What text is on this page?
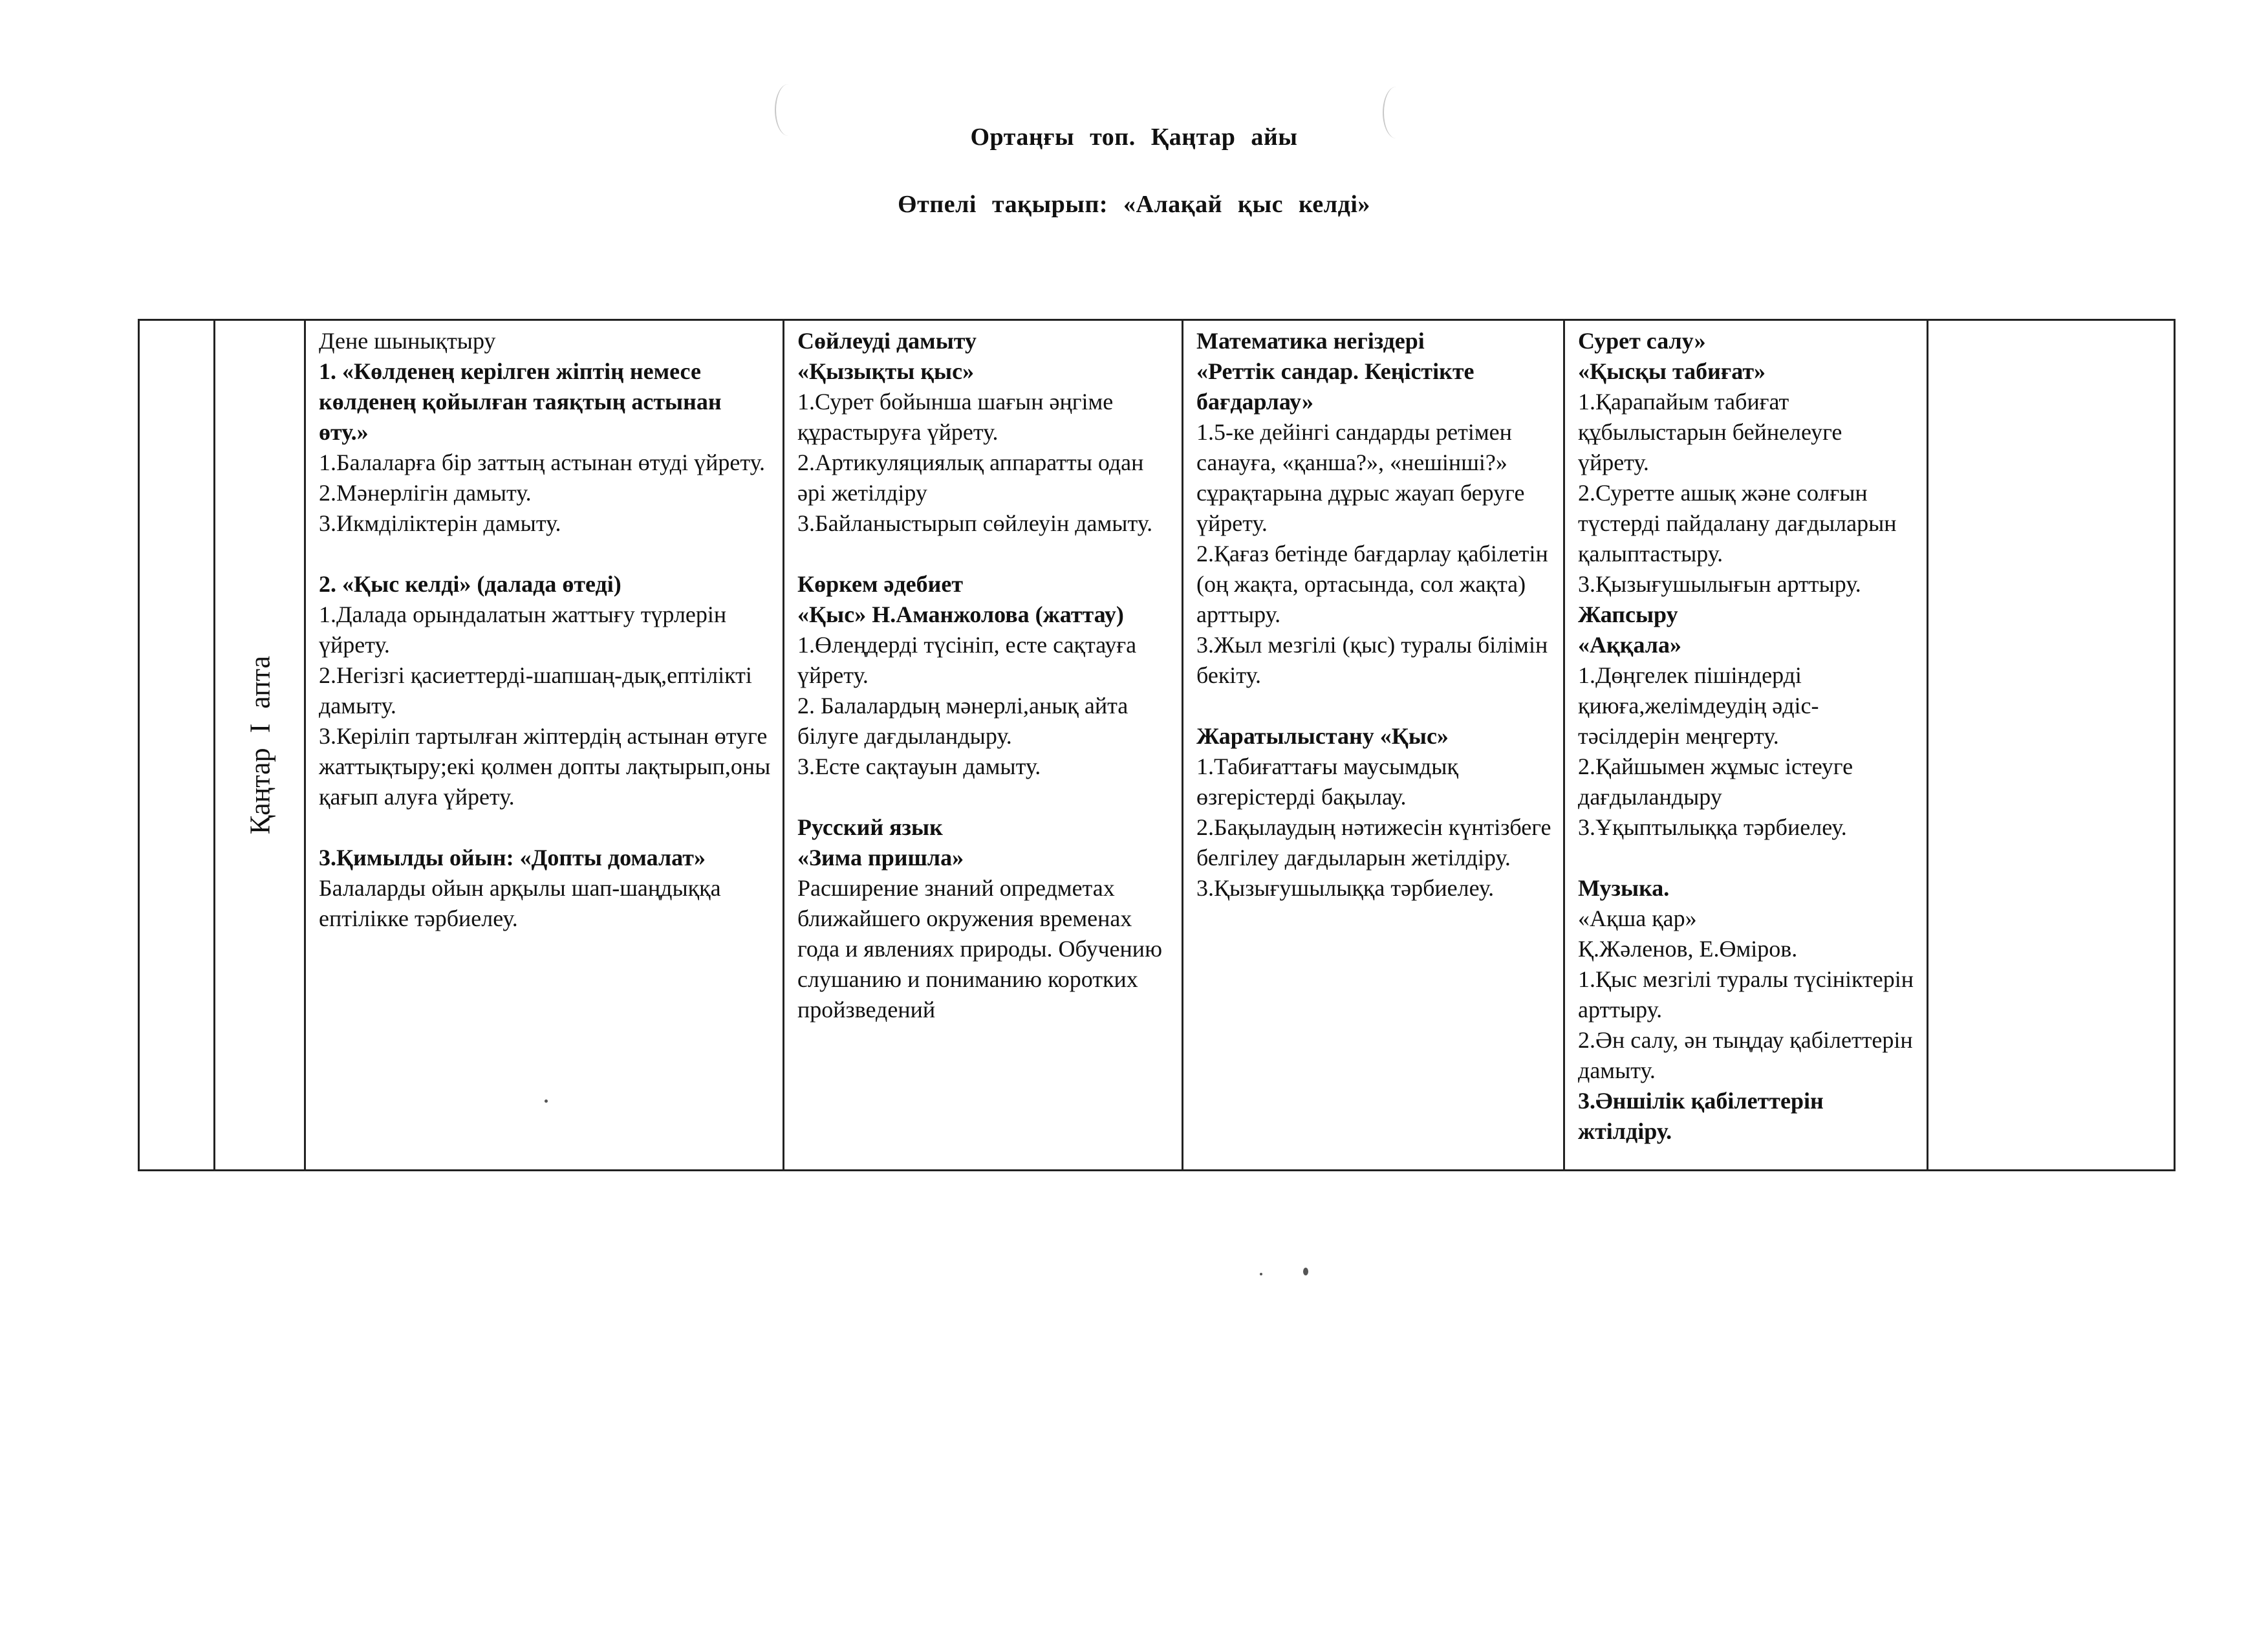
Ортаңғы топ. Қаңтар айы
Өтпелі тақырып: «Алақай қыс келді»

Қаңтар I апта

Дене шынықтыру
1. «Көлденең керілген жіптің немесе көлденең қойылған таяқтың астынан өту.»
1.Балаларға бір заттың астынан өтуді үйрету.
2.Мәнерлігін дамыту.
3.Икмділіктерін дамыту.
2. «Қыс келді» (далада өтеді)
1.Далада орындалатын жаттығу түрлерін үйрету.
2.Негізгі қасиеттерді-шапшаң-дық,ептілікті дамыту.
3.Керіліп тартылған жіптердің астынан өтуге жаттықтыру;екі қолмен допты лақтырып,оны қағып алуға үйрету.
3.Қимылды ойын: «Допты домалат»
Балаларды ойын арқылы шап-шаңдыққа ептілікке тәрбиелеу.

Сөйлеуді дамыту
«Қызықты қыс»
1.Сурет бойынша шағын әңгіме құрастыруға үйрету.
2.Артикуляциялық аппаратты одан әрі жетілдіру
3.Байланыстырып сөйлеуін дамыту.
Көркем әдебиет
«Қыс» Н.Аманжолова (жаттау)
1.Өлеңдерді түсініп, есте сақтауға үйрету.
2. Балалардың мәнерлі,анық айта білуге дағдыландыру.
3.Есте сақтауын дамыту.
Русский язык
«Зима пришла»
Расширение знаний опредметах ближайшего окружения временах года и явлениях природы. Обучению слушанию и пониманию коротких пройзведений

Математика негіздері
«Реттік сандар. Кеңістікте бағдарлау»
1.5-ке дейінгі сандарды ретімен санауға, «қанша?», «нешінші?» сұрақтарына дұрыс жауап беруге үйрету.
2.Қағаз бетінде бағдарлау қабілетін (оң жақта, ортасында, сол жақта) арттыру.
3.Жыл мезгілі (қыс) туралы білімін бекіту.
Жаратылыстану «Қыс»
1.Табиғаттағы маусымдық өзгерістерді бақылау.
2.Бақылаудың нәтижесін күнтізбеге белгілеу дағдыларын жетілдіру.
3.Қызығушылыққа тәрбиелеу.

Сурет салу»
«Қысқы табиғат»
1.Қарапайым табиғат құбылыстарын бейнелеуге үйрету.
2.Суретте ашық және солғын түстерді пайдалану дағдыларын қалыптастыру.
3.Қызығушылығын арттыру.
Жапсыру
«Аққала»
1.Дөңгелек пішіндерді қиюға,желімдеудің әдіс-тәсілдерін меңгерту.
2.Қайшымен жұмыс істеуге дағдыландыру
3.Ұқыптылыққа тәрбиелеу.
Музыка.
«Ақша қар»
Қ.Жәленов, Е.Өміров.
1.Қыс мезгілі туралы түсініктерін арттыру.
2.Ән салу, ән тыңдау қабілеттерін дамыту.
3.Әншілік қабілеттерін жтілдіру.
